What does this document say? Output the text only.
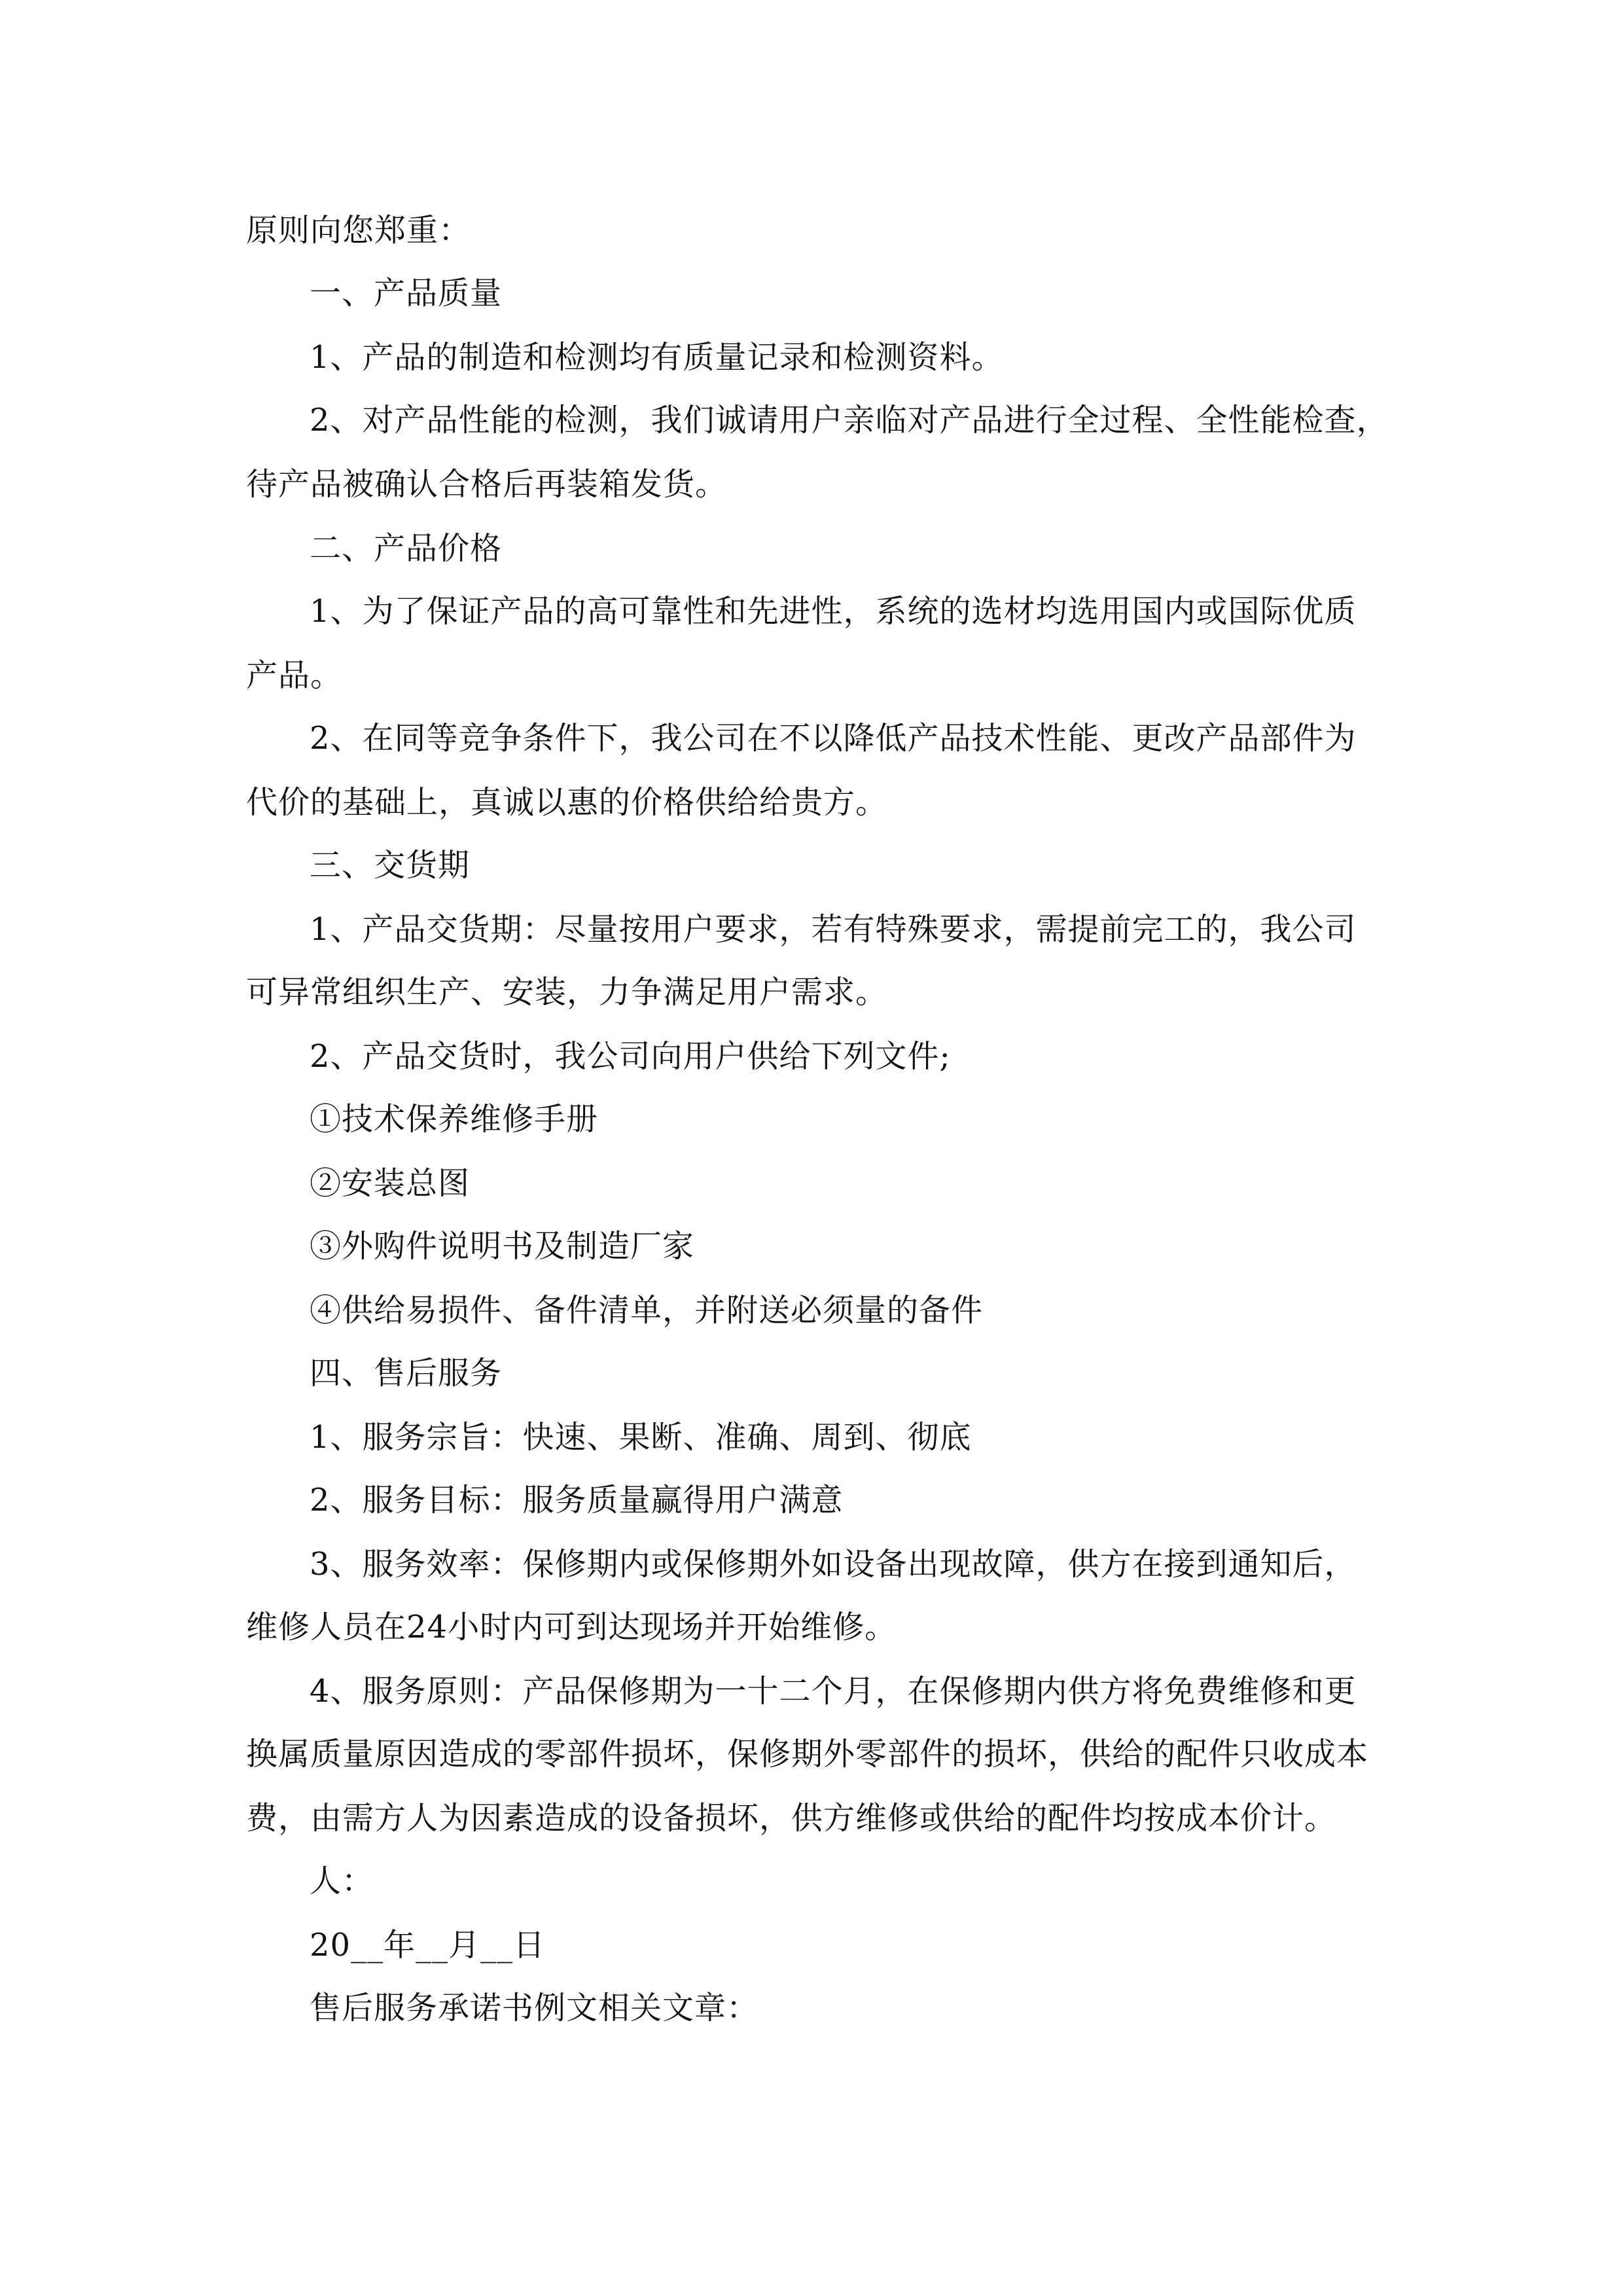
原则向您郑重：
一、产品质量
1、产品的制造和检测均有质量记录和检测资料。
2、对产品性能的检测，我们诚请用户亲临对产品进行全过程、全性能检查，
待产品被确认合格后再装箱发货。
二、产品价格
1、为了保证产品的高可靠性和先进性，系统的选材均选用国内或国际优质
产品。
2、在同等竞争条件下，我公司在不以降低产品技术性能、更改产品部件为
代价的基础上，真诚以惠的价格供给给贵方。
三、交货期
1、产品交货期：尽量按用户要求，若有特殊要求，需提前完工的，我公司
可异常组织生产、安装，力争满足用户需求。
2、产品交货时，我公司向用户供给下列文件;
①技术保养维修手册
②安装总图
③外购件说明书及制造厂家
④供给易损件、备件清单，并附送必须量的备件
四、售后服务
1、服务宗旨：快速、果断、准确、周到、彻底
2、服务目标：服务质量赢得用户满意
3、服务效率：保修期内或保修期外如设备出现故障，供方在接到通知后，
维修人员在24小时内可到达现场并开始维修。
4、服务原则：产品保修期为一十二个月，在保修期内供方将免费维修和更
换属质量原因造成的零部件损坏，保修期外零部件的损坏，供给的配件只收成本
费，由需方人为因素造成的设备损坏，供方维修或供给的配件均按成本价计。
人：
20__年__月__日
售后服务承诺书例文相关文章：
